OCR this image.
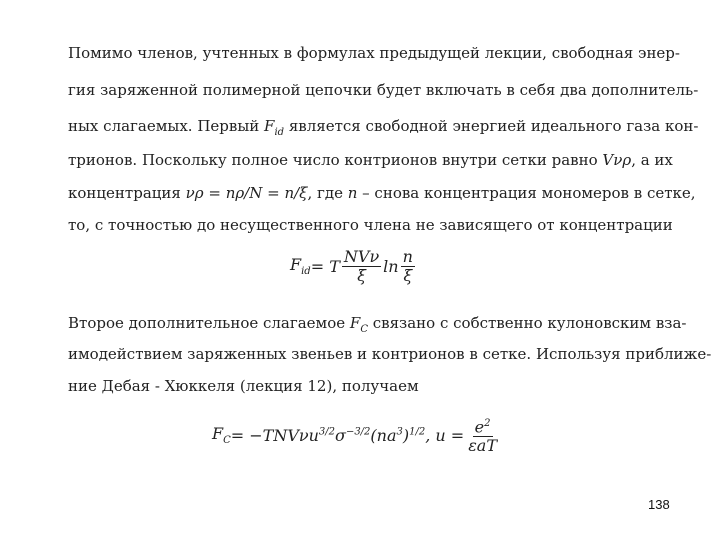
Помимо членов, учтенных в формулах предыдущей лекции, свободная энер-
гия заряженной полимерной цепочки будет включать в себя два дополнитель-
ных слагаемых. Первый $F_{id}$ является свободной энергией идеального газа кон-
трионов. Поскольку полное число контрионов внутри сетки равно Vνρ, а их
концентрация νρ = nρ/N = n/ξ, где n – снова концентрация мономеров в сетке,
то, с точностью до несущественного члена не зависящего от концентрации
$F_{id} = T \frac{\text{NVν}}{\xi}$ $\ln \frac{n}{\xi}$
Второе дополнительное слагаемое $F_C$ связано с собственно кулоновским вза-
имодействием заряженных звеньев и контрионов в сетке. Используя приближе-
ние Дебая - Хюккеля (лекция 12), получаем
$F_C = -TNV\nu u^{3/2}\sigma^{-3/2}(na^3)^{1/2}$, $u = \frac{e^2}{\text{εaT}}$
138
